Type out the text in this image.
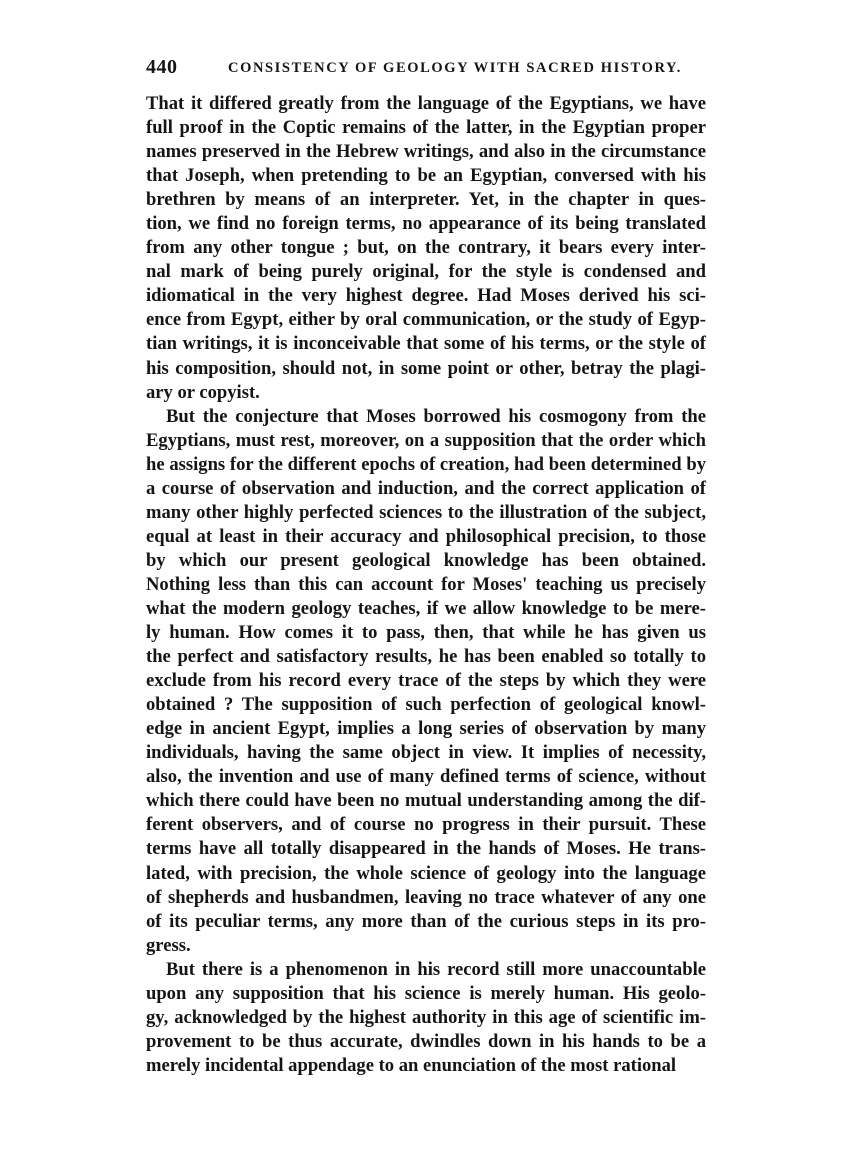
440	CONSISTENCY OF GEOLOGY WITH SACRED HISTORY.
That it differed greatly from the language of the Egyptians, we have
full proof in the Coptic remains of the latter, in the Egyptian proper
names preserved in the Hebrew writings, and also in the circumstance
that Joseph, when pretending to be an Egyptian, conversed with his
brethren by means of an interpreter. Yet, in the chapter in ques-
tion, we find no foreign terms, no appearance of its being translated
from any other tongue ; but, on the contrary, it bears every inter-
nal mark of being purely original, for the style is condensed and
idiomatical in the very highest degree. Had Moses derived his sci-
ence from Egypt, either by oral communication, or the study of Egyp-
tian writings, it is inconceivable that some of his terms, or the style of
his composition, should not, in some point or other, betray the plagi-
ary or copyist.
But the conjecture that Moses borrowed his cosmogony from the
Egyptians, must rest, moreover, on a supposition that the order which
he assigns for the different epochs of creation, had been determined by
a course of observation and induction, and the correct application of
many other highly perfected sciences to the illustration of the subject,
equal at least in their accuracy and philosophical precision, to those
by which our present geological knowledge has been obtained.
Nothing less than this can account for Moses' teaching us precisely
what the modern geology teaches, if we allow knowledge to be mere-
ly human. How comes it to pass, then, that while he has given us
the perfect and satisfactory results, he has been enabled so totally to
exclude from his record every trace of the steps by which they were
obtained ? The supposition of such perfection of geological knowl-
edge in ancient Egypt, implies a long series of observation by many
individuals, having the same object in view. It implies of necessity,
also, the invention and use of many defined terms of science, without
which there could have been no mutual understanding among the dif-
ferent observers, and of course no progress in their pursuit. These
terms have all totally disappeared in the hands of Moses. He trans-
lated, with precision, the whole science of geology into the language
of shepherds and husbandmen, leaving no trace whatever of any one
of its peculiar terms, any more than of the curious steps in its pro-
gress.
But there is a phenomenon in his record still more unaccountable
upon any supposition that his science is merely human. His geolo-
gy, acknowledged by the highest authority in this age of scientific im-
provement to be thus accurate, dwindles down in his hands to be a
merely incidental appendage to an enunciation of the most rational
